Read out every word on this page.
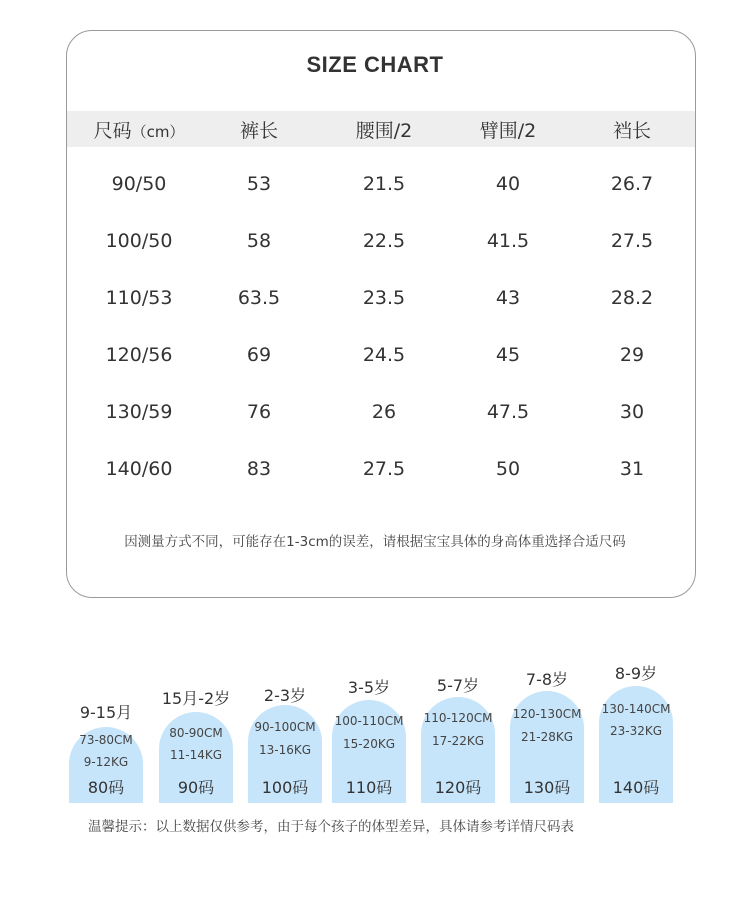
SIZE CHART
尺码（cm）	裤长	腰围/2	臂围/2	裆长
90/50	53	21.5	40	26.7
100/50	58	22.5	41.5	27.5
110/53	63.5	23.5	43	28.2
120/56	69	24.5	45	29
130/59	76	26	47.5	30
140/60	83	27.5	50	31
因测量方式不同，可能存在1-3cm的误差，请根据宝宝具体的身高体重选择合适尺码
9-15月
73-80CM
9-12KG
80码
15月-2岁
80-90CM
11-14KG
90码
2-3岁
90-100CM
13-16KG
100码
3-5岁
100-110CM
15-20KG
110码
5-7岁
110-120CM
17-22KG
120码
7-8岁
120-130CM
21-28KG
130码
8-9岁
130-140CM
23-32KG
140码
温馨提示：以上数据仅供参考，由于每个孩子的体型差异，具体请参考详情尺码表
